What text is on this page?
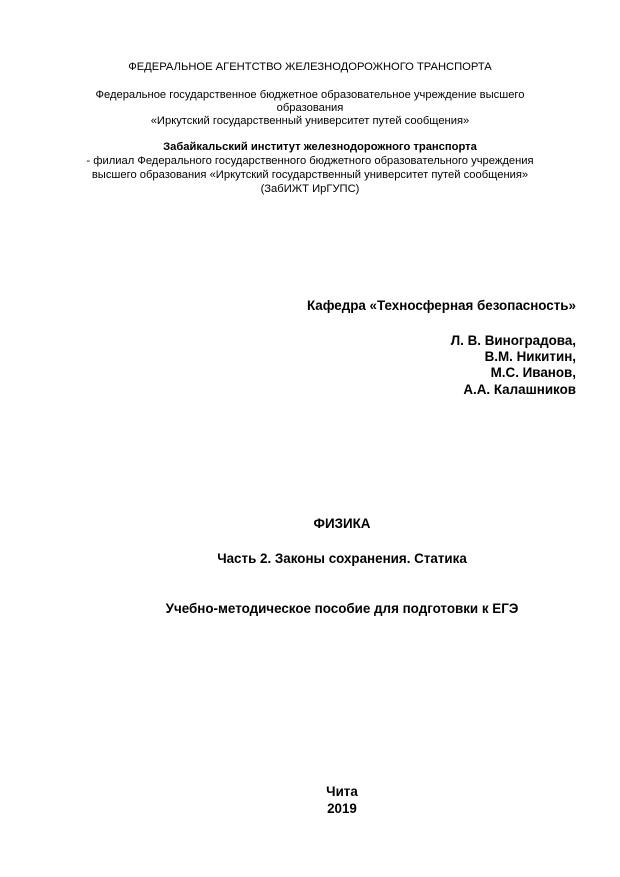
ФЕДЕРАЛЬНОЕ АГЕНТСТВО ЖЕЛЕЗНОДОРОЖНОГО ТРАНСПОРТА
Федеральное государственное бюджетное образовательное учреждение высшего
образования
«Иркутский государственный университет путей сообщения»
Забайкальский институт железнодорожного транспорта
- филиал Федерального государственного бюджетного образовательного учреждения
высшего образования «Иркутский государственный университет путей сообщения»
(ЗабИЖТ ИрГУПС)
Кафедра «Техносферная безопасность»
Л. В. Виноградова,
В.М. Никитин,
М.С. Иванов,
А.А. Калашников
ФИЗИКА
Часть 2. Законы сохранения. Статика
Учебно-методическое пособие для подготовки к ЕГЭ
Чита
2019
